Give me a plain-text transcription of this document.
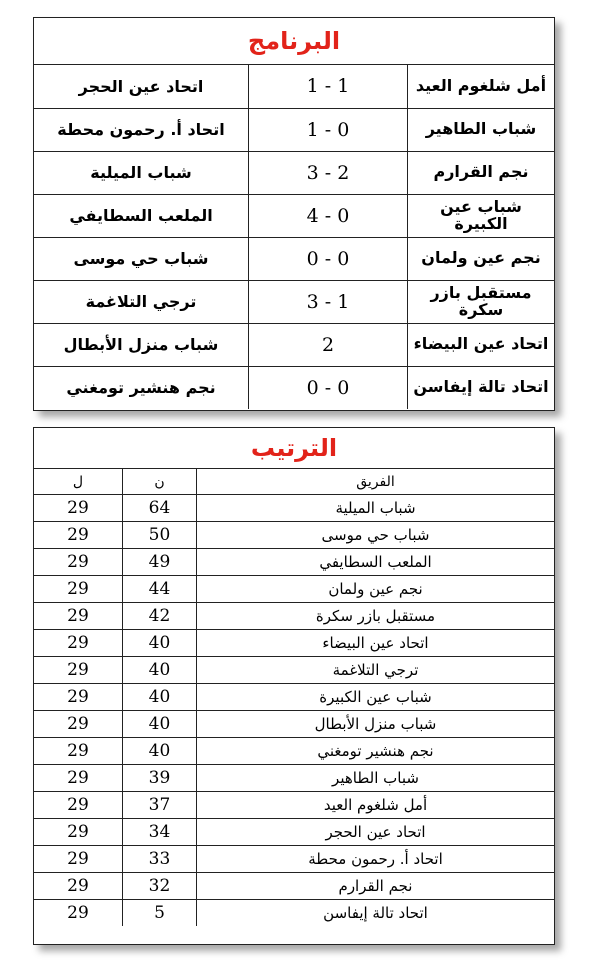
البرنامج
أمل شلغوم العيد	1 - 1	اتحاد عين الحجر
شباب الطاهير	1 - 0	اتحاد أ. رحمون محطة
نجم القرارم	3 - 2	شباب الميلية
شباب عين الكبيرة	4 - 0	الملعب السطايفي
نجم عين ولمان	0 - 0	شباب حي موسى
مستقبل بازر سكرة	3 - 1	ترجي التلاغمة
اتحاد عين البيضاء	2	شباب منزل الأبطال
اتحاد تالة إيفاسن	0 - 0	نجم هنشير تومغني
الترتيب
الفريق	ن	ل
شباب الميلية	64	29
شباب حي موسى	50	29
الملعب السطايفي	49	29
نجم عين ولمان	44	29
مستقبل بازر سكرة	42	29
اتحاد عين البيضاء	40	29
ترجي التلاغمة	40	29
شباب عين الكبيرة	40	29
شباب منزل الأبطال	40	29
نجم هنشير تومغني	40	29
شباب الطاهير	39	29
أمل شلغوم العيد	37	29
اتحاد عين الحجر	34	29
اتحاد أ. رحمون محطة	33	29
نجم القرارم	32	29
اتحاد تالة إيفاسن	5	29
